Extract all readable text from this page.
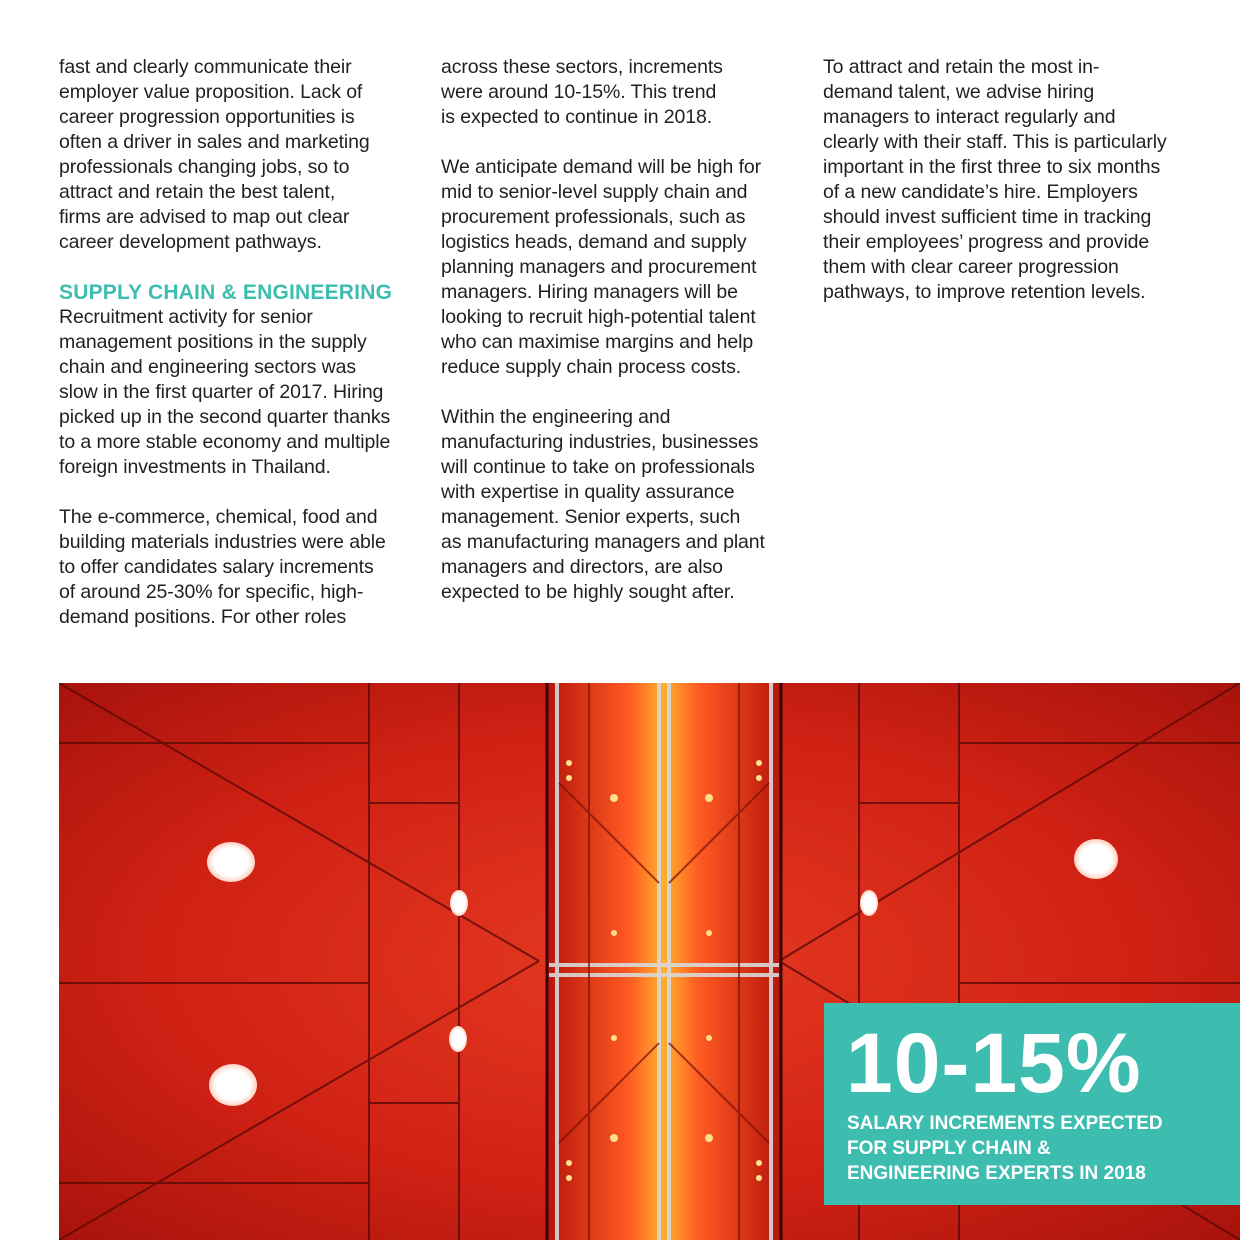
fast and clearly communicate their
employer value proposition. Lack of
career progression opportunities is
often a driver in sales and marketing
professionals changing jobs, so to
attract and retain the best talent,
firms are advised to map out clear
career development pathways.

SUPPLY CHAIN & ENGINEERING

Recruitment activity for senior
management positions in the supply
chain and engineering sectors was
slow in the first quarter of 2017. Hiring
picked up in the second quarter thanks
to a more stable economy and multiple
foreign investments in Thailand.

The e-commerce, chemical, food and
building materials industries were able
to offer candidates salary increments
of around 25-30% for specific, high-
demand positions. For other roles

across these sectors, increments
were around 10-15%. This trend
is expected to continue in 2018.

We anticipate demand will be high for
mid to senior-level supply chain and
procurement professionals, such as
logistics heads, demand and supply
planning managers and procurement
managers. Hiring managers will be
looking to recruit high-potential talent
who can maximise margins and help
reduce supply chain process costs.

Within the engineering and
manufacturing industries, businesses
will continue to take on professionals
with expertise in quality assurance
management. Senior experts, such
as manufacturing managers and plant
managers and directors, are also
expected to be highly sought after.

To attract and retain the most in-
demand talent, we advise hiring
managers to interact regularly and
clearly with their staff. This is particularly
important in the first three to six months
of a new candidate’s hire. Employers
should invest sufficient time in tracking
their employees’ progress and provide
them with clear career progression
pathways, to improve retention levels.

10-15%
SALARY INCREMENTS EXPECTED
FOR SUPPLY CHAIN &
ENGINEERING EXPERTS IN 2018
